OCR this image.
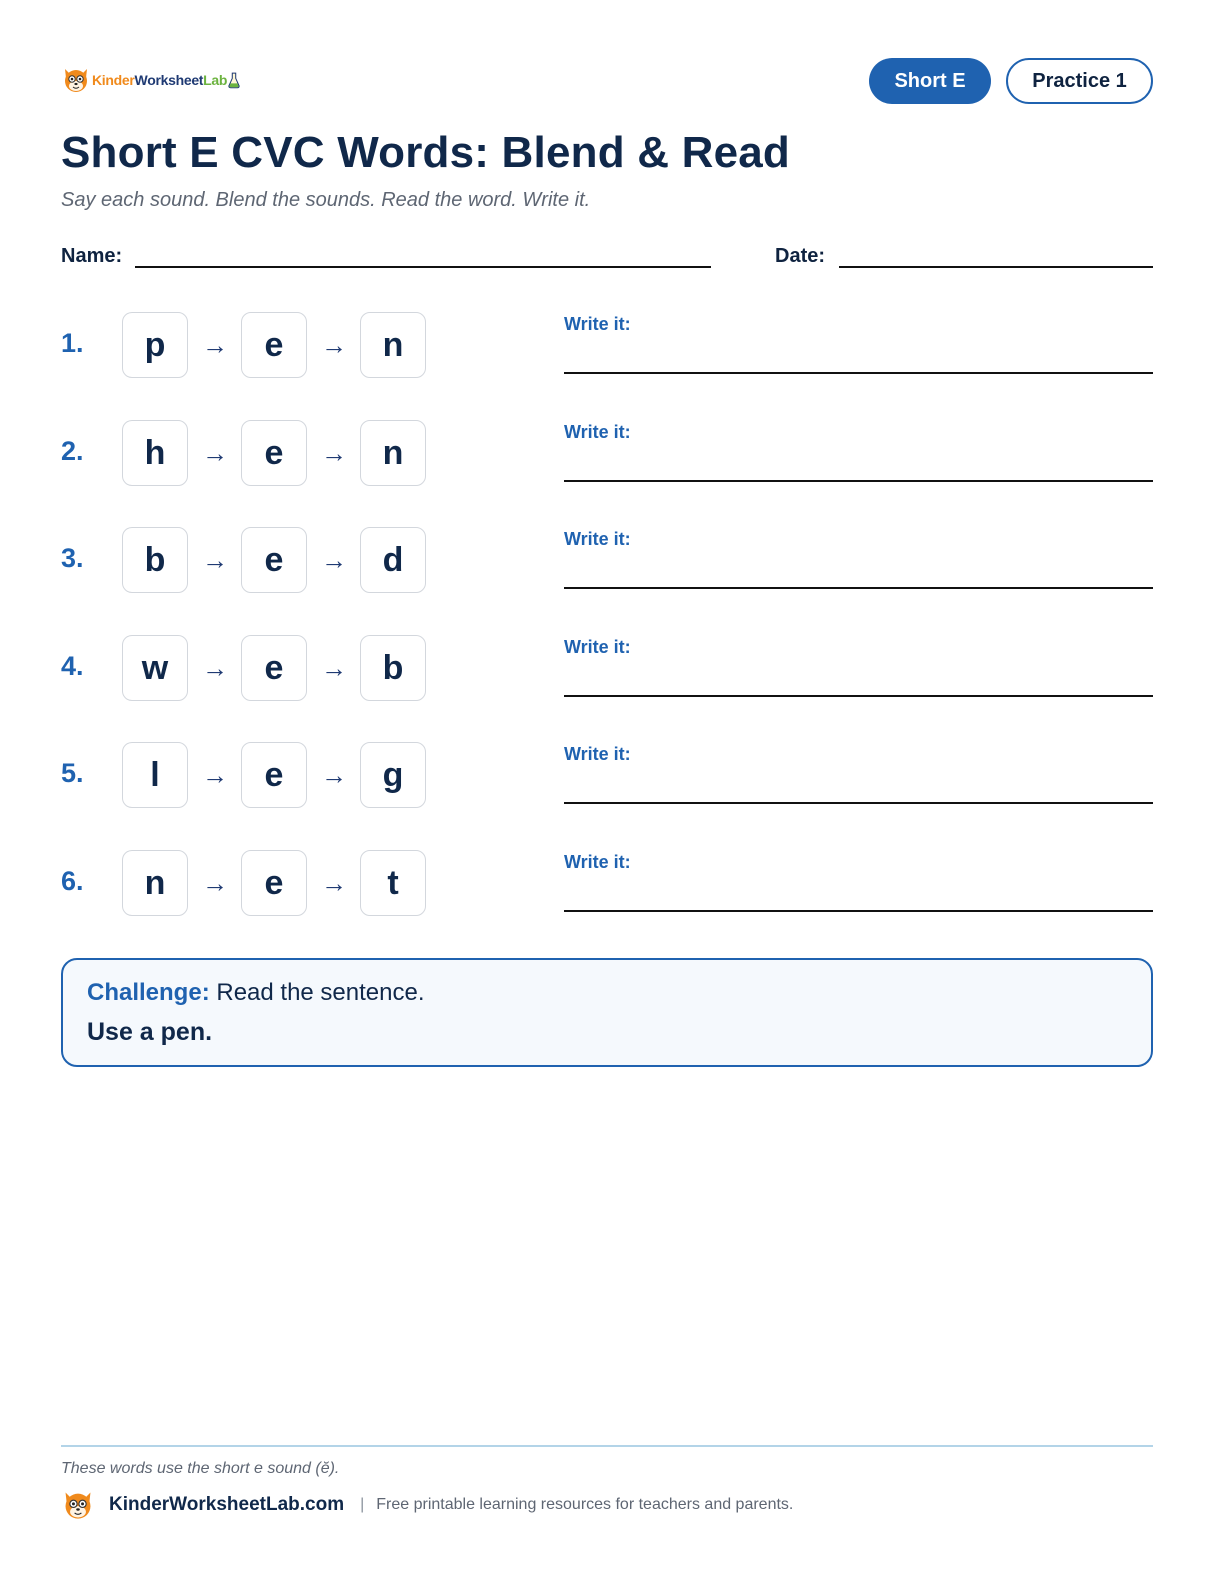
KinderWorksheetLab	Short E	Practice 1
Short E CVC Words: Blend & Read

Say each sound. Blend the sounds. Read the word. Write it.

Name:	Date:
1.	p	→	e	→	n
Write it:
2.	h	→	e	→	n
Write it:
3.	b	→	e	→	d
Write it:
4.	w	→	e	→	b
Write it:
5.	l	→	e	→	g
Write it:
6.	n	→	e	→	t
Write it:
Challenge: Read the sentence.
Use a pen.
These words use the short e sound (ĕ).
KinderWorksheetLab.com | Free printable learning resources for teachers and parents.
